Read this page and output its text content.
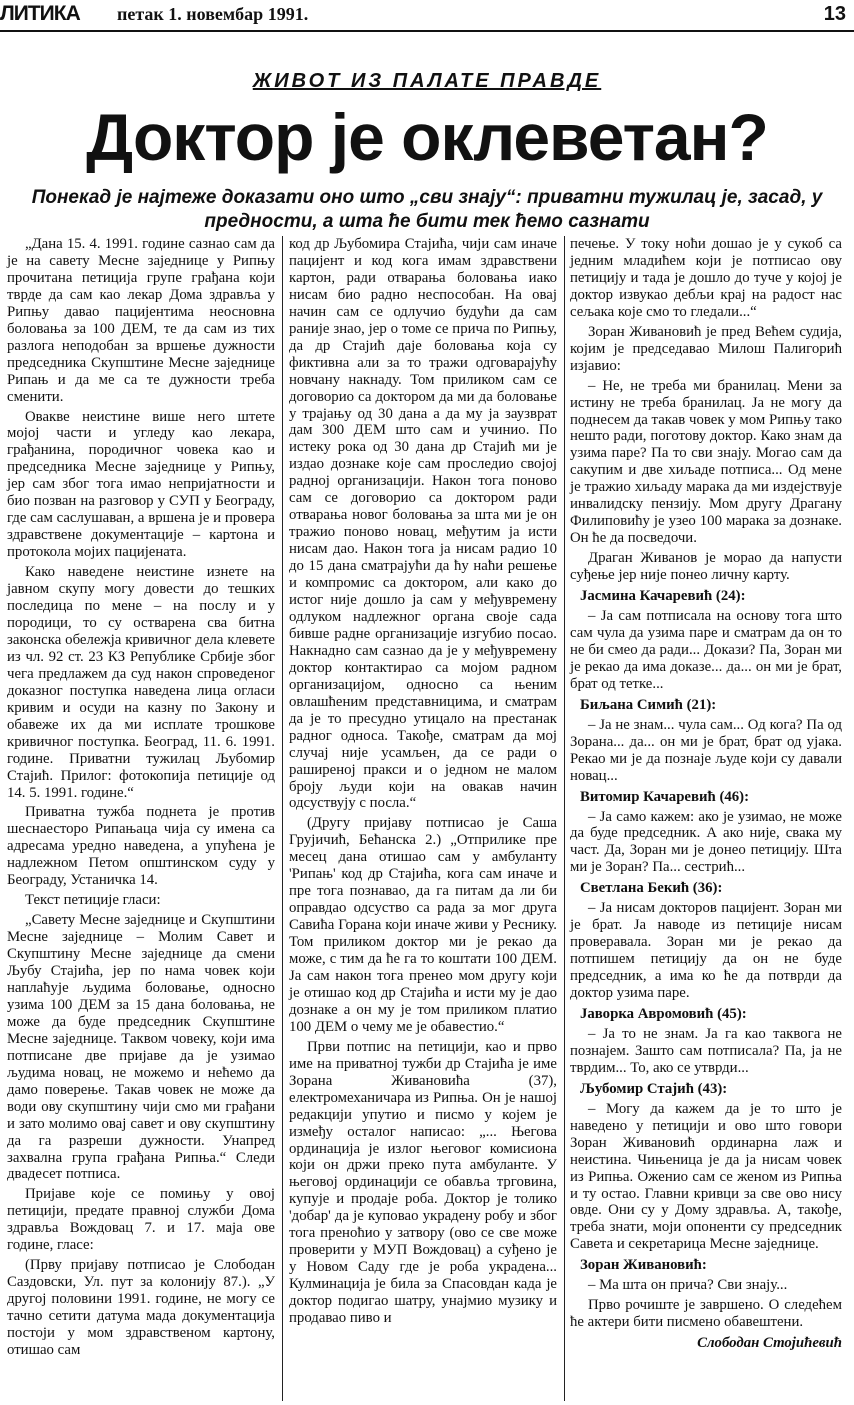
ЛИТИКА петак 1. новембар 1991.	13
ЖИВОТ ИЗ ПАЛАТЕ ПРАВДЕ
Доктор је оклеветан?
Понекад је најтеже доказати оно што „сви знају“: приватни тужилац је, засад, у предности, а шта ће бити тек ћемо сазнати

„Дана 15. 4. 1991. године сазнао сам да је на савету Месне заједнице у Рипњу прочитана петиција групе грађана који тврде да сам као лекар Дома здравља у Рипњу давао пацијентима неосновна боловања за 100 ДЕМ, те да сам из тих разлога неподобан за вршење дужности председника Скупштине Месне заједнице Рипањ и да ме са те дужности треба сменити.

Овакве неистине више него штете мојој части и угледу као лекара, грађанина, породичног човека као и председника Месне заједнице у Рипњу, јер сам због тога имао непријатности и био позван на разговор у СУП у Београду, где сам саслушаван, а вршена је и провера здравствене документације – картона и протокола мојих пацијената.

Како наведене неистине изнете на јавном скупу могу довести до тешких последица по мене – на послу и у породици, то су остварена сва битна законска обележја кривичног дела клевете из чл. 92 ст. 23 КЗ Републике Србије због чега предлажем да суд након спроведеног доказног поступка наведена лица огласи кривим и осуди на казну по Закону и обавеже их да ми исплате трошкове кривичног поступка. Београд, 11. 6. 1991. године. Приватни тужилац Љубомир Стајић. Прилог: фотокопија петиције од 14. 5. 1991. године.“

Приватна тужба поднета је против шеснаесторо Рипањаца чија су имена са адресама уредно наведена, а упућена је надлежном Петом општинском суду у Београду, Устаничка 14.

Текст петиције гласи:

„Савету Месне заједнице и Скупштини Месне заједнице – Молим Савет и Скупштину Месне заједнице да смени Љубу Стајића, јер по нама човек који наплаћује људима боловање, односно узима 100 ДЕМ за 15 дана боловања, не може да буде председник Скупштине Месне заједнице. Таквом човеку, који има потписане две пријаве да је узимао људима новац, не можемо и нећемо да дамо поверење. Такав човек не може да води ову скупштину чији смо ми грађани и зато молимо овај савет и ову скупштину да га разреши дужности. Унапред захвална група грађана Рипња.“ Следи двадесет потписа.

Пријаве које се помињу у овој петицији, предате правној служби Дома здравља Вождовац 7. и 17. маја ове године, гласе:

(Прву пријаву потписао је Слободан Саздовски, Ул. пут за колонију 87.). „У другој половини 1991. године, не могу се тачно сетити датума мада документација постоји у мом здравственом картону, отишао сам

код др Љубомира Стајића, чији сам иначе пацијент и код кога имам здравствени картон, ради отварања боловања иако нисам био радно неспособан. На овај начин сам се одлучио будући да сам раније знао, јер о томе се прича по Рипњу, да др Стајић даје боловања која су фиктивна али за то тражи одговарајућу новчану накнаду. Том приликом сам се договорио са доктором да ми да боловање у трајању од 30 дана а да му ја заузврат дам 300 ДЕМ што сам и учинио. По истеку рока од 30 дана др Стајић ми је издао дознаке које сам проследио својој радној организацији. Након тога поново сам се договорио са доктором ради отварања новог боловања за шта ми је он тражио поново новац, међутим ја исти нисам дао. Након тога ја нисам радио 10 до 15 дана сматрајући да ћу наћи решење и компромис са доктором, али како до истог није дошло ја сам у међувремену одлуком надлежног органа своје сада бивше радне организације изгубио посао. Накнадно сам сазнао да је у међувремену доктор контактирао са мојом радном организацијом, односно са њеним овлашћеним представницима, и сматрам да је то пресудно утицало на престанак радног односа. Такође, сматрам да мој случај није усамљен, да се ради о раширеној пракси и о једном не малом броју људи који на овакав начин одсуствују с посла.“

(Другу пријаву потписао је Саша Грујичић, Бећанска 2.) „Отприлике пре месец дана отишао сам у амбуланту 'Рипањ' код др Стајића, кога сам иначе и пре тога познавао, да га питам да ли би оправдао одсуство са рада за мог друга Савића Горана који иначе живи у Реснику. Том приликом доктор ми је рекао да може, с тим да ће га то коштати 100 ДЕМ. Ја сам након тога пренео мом другу који је отишао код др Стајића и исти му је дао дознаке а он му је том приликом платио 100 ДЕМ о чему ме је обавестио.“

Први потпис на петицији, као и прво име на приватној тужби др Стајића је име Зорана Живановића (37), електромеханичара из Рипња. Он је нашој редакцији упутио и писмо у којем је између осталог написао: „... Његова ординација је излог његовог комисиона који он држи преко пута амбуланте. У његовој ординацији се обавља трговина, купује и продаје роба. Доктор је толико 'добар' да је куповао украдену робу и због тога пренoћио у затвору (ово се све може проверити у МУП Вождовац) а суђено је у Новом Саду где је роба украдена... Кулминација је била за Спасовдан када је доктор подигао шатру, унајмио музику и продавао пиво и

печење. У току ноћи дошао је у сукоб са једним младићем који је потписао ову петицију и тада је дошло до туче у којој је доктор извукао дебљи крај на радост нас сељака које смо то гледали...“

Зоран Живановић је пред Већем судија, којим је председавао Милош Палигорић изјавио:

– Не, не треба ми бранилац. Мени за истину не треба бранилац. Ја не могу да поднесем да такав човек у мом Рипњу тако нешто ради, поготову доктор. Како знам да узима паре? Па то сви знају. Могао сам да сакупим и две хиљаде потписа... Од мене је тражио хиљаду марака да ми издејствује инвалидску пензију. Мом другу Драгану Филиповићу је узео 100 марака за дознаке. Он ће да посведочи.

Драган Живанов је морао да напусти суђење јер није понео личну карту.

Јасмина Качаревић (24):

– Ја сам потписала на основу тога што сам чула да узима паре и сматрам да он то не би смео да ради... Докази? Па, Зоран ми је рекао да има доказе... да... он ми је брат, брат од тетке...

Биљана Симић (21):

– Ја не знам... чула сам... Од кога? Па од Зорана... да... он ми је брат, брат од ујака. Рекао ми је да познаје људе који су давали новац...

Витомир Качаревић (46):

– Ја само кажем: ако је узимао, не може да буде председник. А ако није, свака му част. Да, Зоран ми је донео петицију. Шта ми је Зоран? Па... сестрић...

Светлана Бекић (36):

– Ја нисам докторов пацијент. Зоран ми је брат. Ја наводе из петиције нисам проверавала. Зоран ми је рекао да потпишем петицију да он не буде председник, а има ко ће да потврди да доктор узима паре.

Јаворка Авромовић (45):

– Ја то не знам. Ја га као таквога не познајем. Зашто сам потписала? Па, ја не тврдим... То, ако се утврди...

Љубомир Стајић (43):

– Могу да кажем да је то што је наведено у петицији и ово што говори Зоран Живановић ординарна лаж и неистина. Чињеница је да ја нисам човек из Рипња. Оженио сам се женом из Рипња и ту остао. Главни кривци за све ово нису овде. Они су у Дому здравља. А, такође, треба знати, моји опоненти су председник Савета и секретарица Месне заједнице.

Зоран Живановић:

– Ма шта он прича? Сви знају...

Прво рочиште је завршено. О следећем ће актери бити писмено обавештени.

Слободан Стојићевић
